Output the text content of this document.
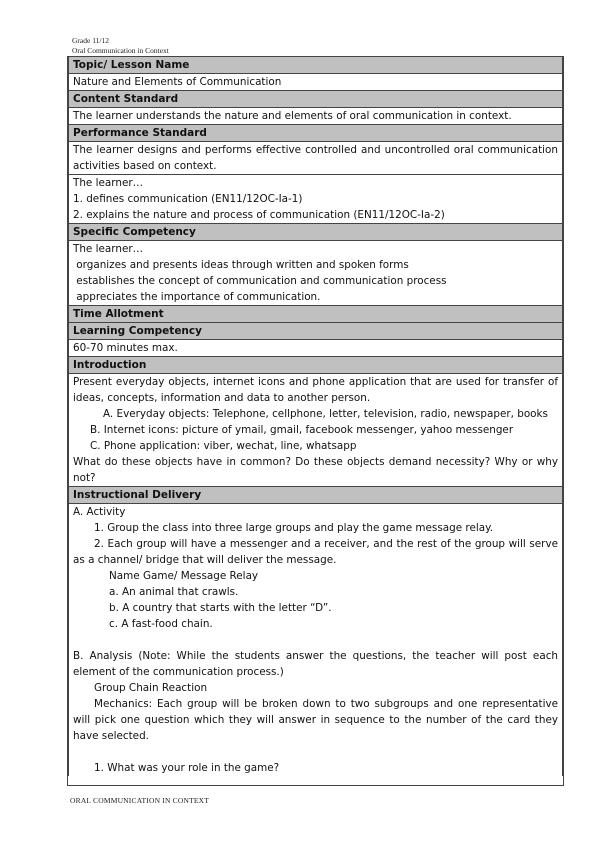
Grade 11/12
Oral Communication in Context
Topic/ Lesson Name
Nature and Elements of Communication
Content Standard
The learner understands the nature and elements of oral communication in context.
Performance Standard
The learner designs and performs effective controlled and uncontrolled oral communication activities based on context.

The learner…
1. defines communication (EN11/12OC-Ia-1)
2. explains the nature and process of communication (EN11/12OC-Ia-2)

Specific Competency

The learner…
organizes and presents ideas through written and spoken forms
establishes the concept of communication and communication process
appreciates the importance of communication.

Time Allotment
Learning Competency
60-70 minutes max.
Introduction

Present everyday objects, internet icons and phone application that are used for transfer of ideas, concepts, information and data to another person.
A. Everyday objects: Telephone, cellphone, letter, television, radio, newspaper, books
B. Internet icons: picture of ymail, gmail, facebook messenger, yahoo messenger
C. Phone application: viber, wechat, line, whatsapp
What do these objects have in common? Do these objects demand necessity? Why or why not?

Instructional Delivery

A. Activity
1. Group the class into three large groups and play the game message relay.
2. Each group will have a messenger and a receiver, and the rest of the group will serve as a channel/ bridge that will deliver the message.
Name Game/ Message Relay
a. An animal that crawls.
b. A country that starts with the letter “D”.
c. A fast-food chain.
B. Analysis (Note: While the students answer the questions, the teacher will post each element of the communication process.)
Group Chain Reaction
Mechanics: Each group will be broken down to two subgroups and one representative will pick one question which they will answer in sequence to the number of the card they have selected.
1. What was your role in the game?
ORAL COMMUNICATION IN CONTEXT
